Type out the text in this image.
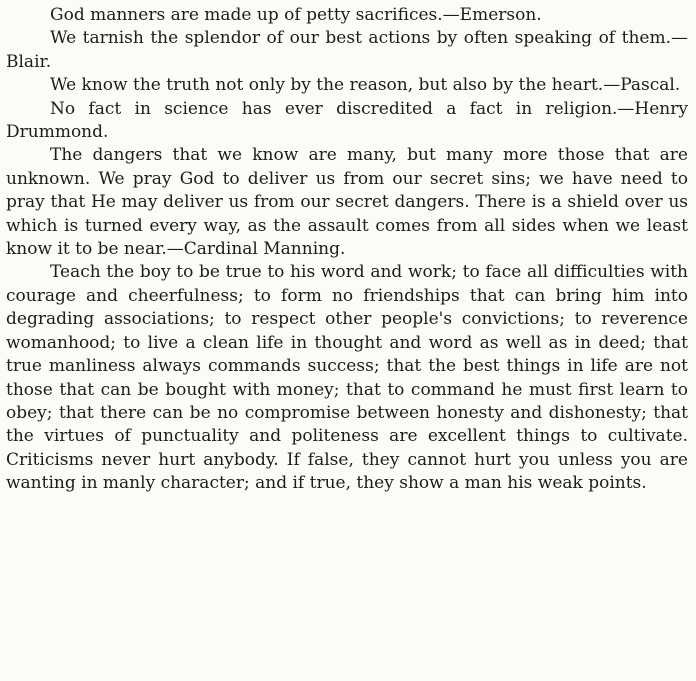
God manners are made up of petty sacrifices.—Emerson.

We tarnish the splendor of our best actions by often speaking of them.—Blair.

We know the truth not only by the reason, but also by the heart.—Pascal.

No fact in science has ever discredited a fact in religion.—Henry Drummond.

The dangers that we know are many, but many more those that are unknown. We pray God to deliver us from our secret sins; we have need to pray that He may deliver us from our secret dangers. There is a shield over us which is turned every way, as the assault comes from all sides when we least know it to be near.—Cardinal Manning.

Teach the boy to be true to his word and work; to face all difficulties with courage and cheerfulness; to form no friendships that can bring him into degrading associations; to respect other people's convictions; to reverence womanhood; to live a clean life in thought and word as well as in deed; that true manliness always commands success; that the best things in life are not those that can be bought with money; that to command he must first learn to obey; that there can be no compromise between honesty and dishonesty; that the virtues of punctuality and politeness are excellent things to cultivate. Criticisms never hurt anybody. If false, they cannot hurt you unless you are wanting in manly character; and if true, they show a man his weak points.
